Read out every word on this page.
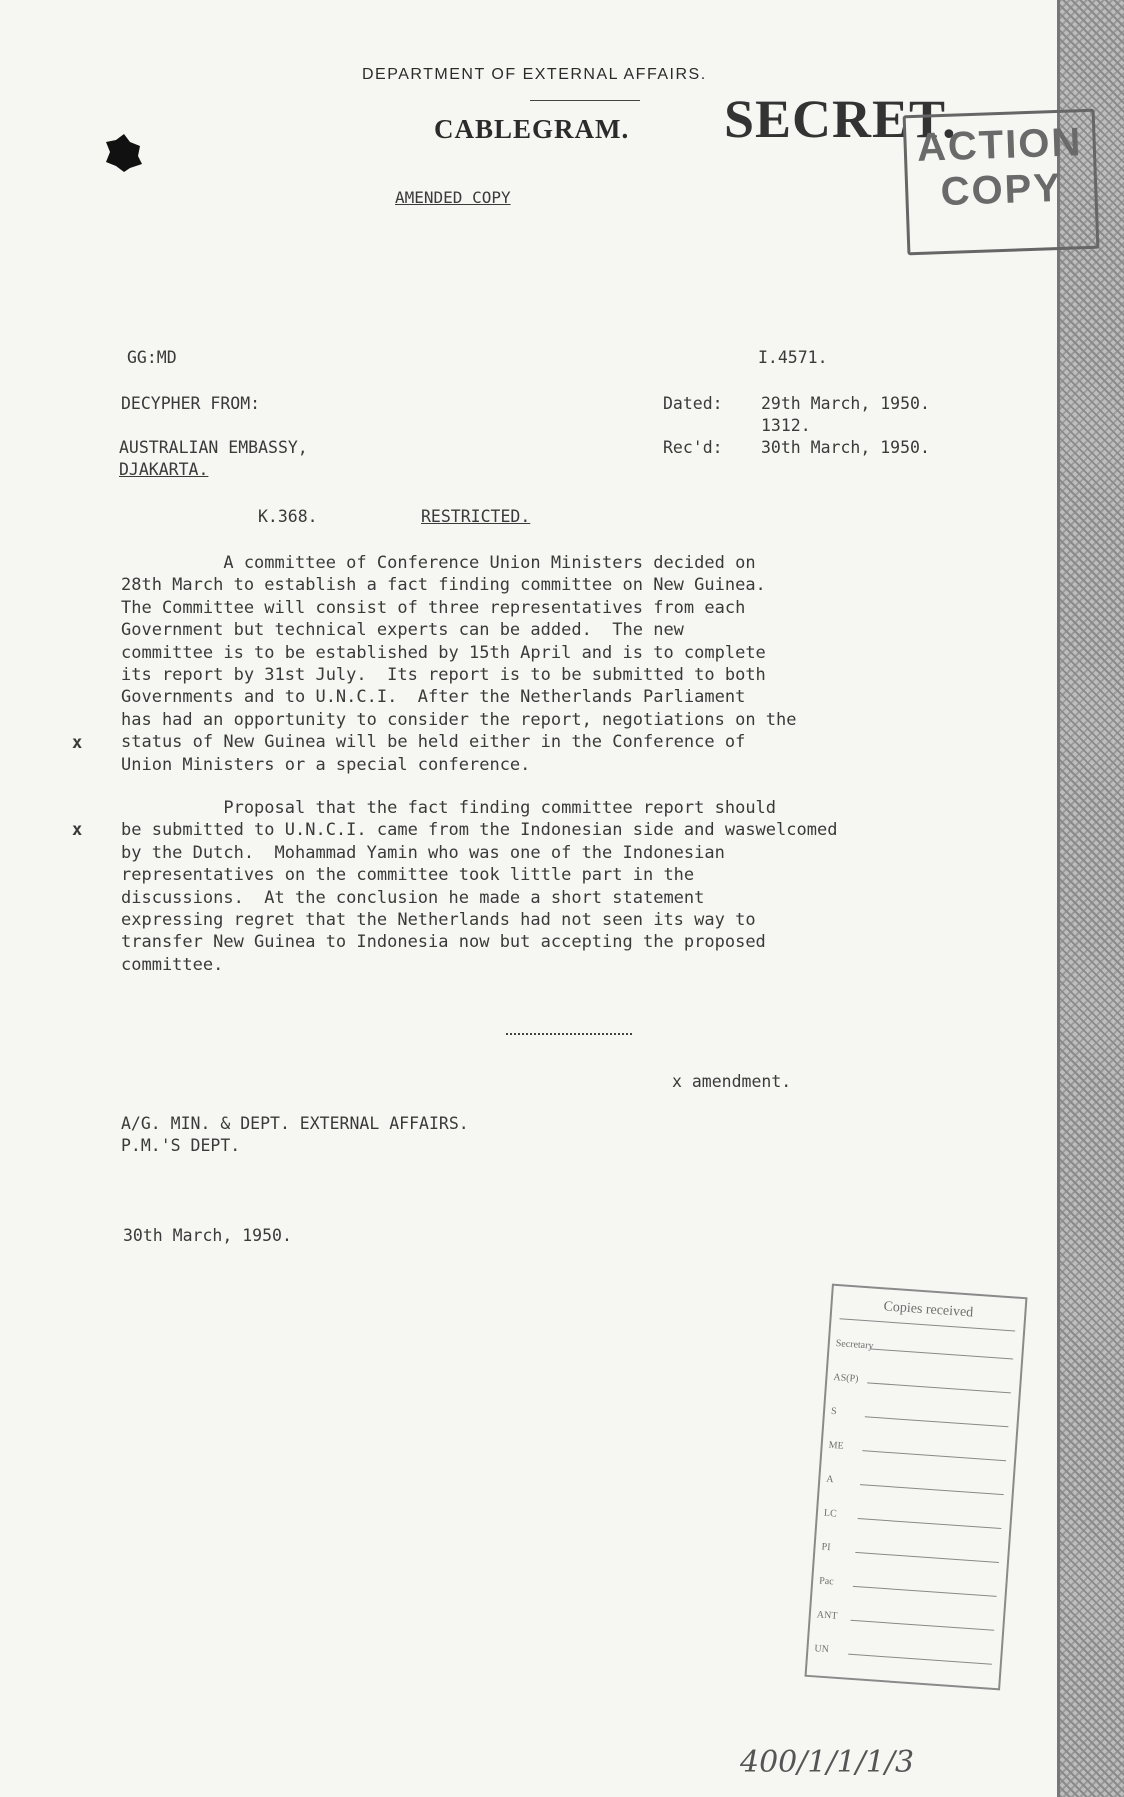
DEPARTMENT OF EXTERNAL AFFAIRS.
CABLEGRAM. SECRET.
ACTION
COPY
AMENDED COPY
GG:MD	I.4571.
DECYPHER FROM:	Dated: 29th March, 1950.
1312.
AUSTRALIAN EMBASSY,
DJAKARTA.
Rec'd: 30th March, 1950.
K.368.	RESTRICTED.
A committee of Conference Union Ministers decided on
28th March to establish a fact finding committee on New Guinea.
The Committee will consist of three representatives from each
Government but technical experts can be added.  The new
committee is to be established by 15th April and is to complete
its report by 31st July.  Its report is to be submitted to both
Governments and to U.N.C.I.  After the Netherlands Parliament
has had an opportunity to consider the report, negotiations on the
status of New Guinea will be held either in the Conference of
Union Ministers or a special conference.
x
Proposal that the fact finding committee report should
be submitted to U.N.C.I. came from the Indonesian side and waswelcomed
by the Dutch.  Mohammad Yamin who was one of the Indonesian
representatives on the committee took little part in the
discussions.  At the conclusion he made a short statement
expressing regret that the Netherlands had not seen its way to
transfer New Guinea to Indonesia now but accepting the proposed
committee.
x
x amendment.
A/G. MIN. & DEPT. EXTERNAL AFFAIRS.
P.M.'S DEPT.
30th March, 1950.
Copies received
Secretary
AS(P)
S
ME
A
LC
PI
Pac
ANT
UN
400/1/1/1/3
